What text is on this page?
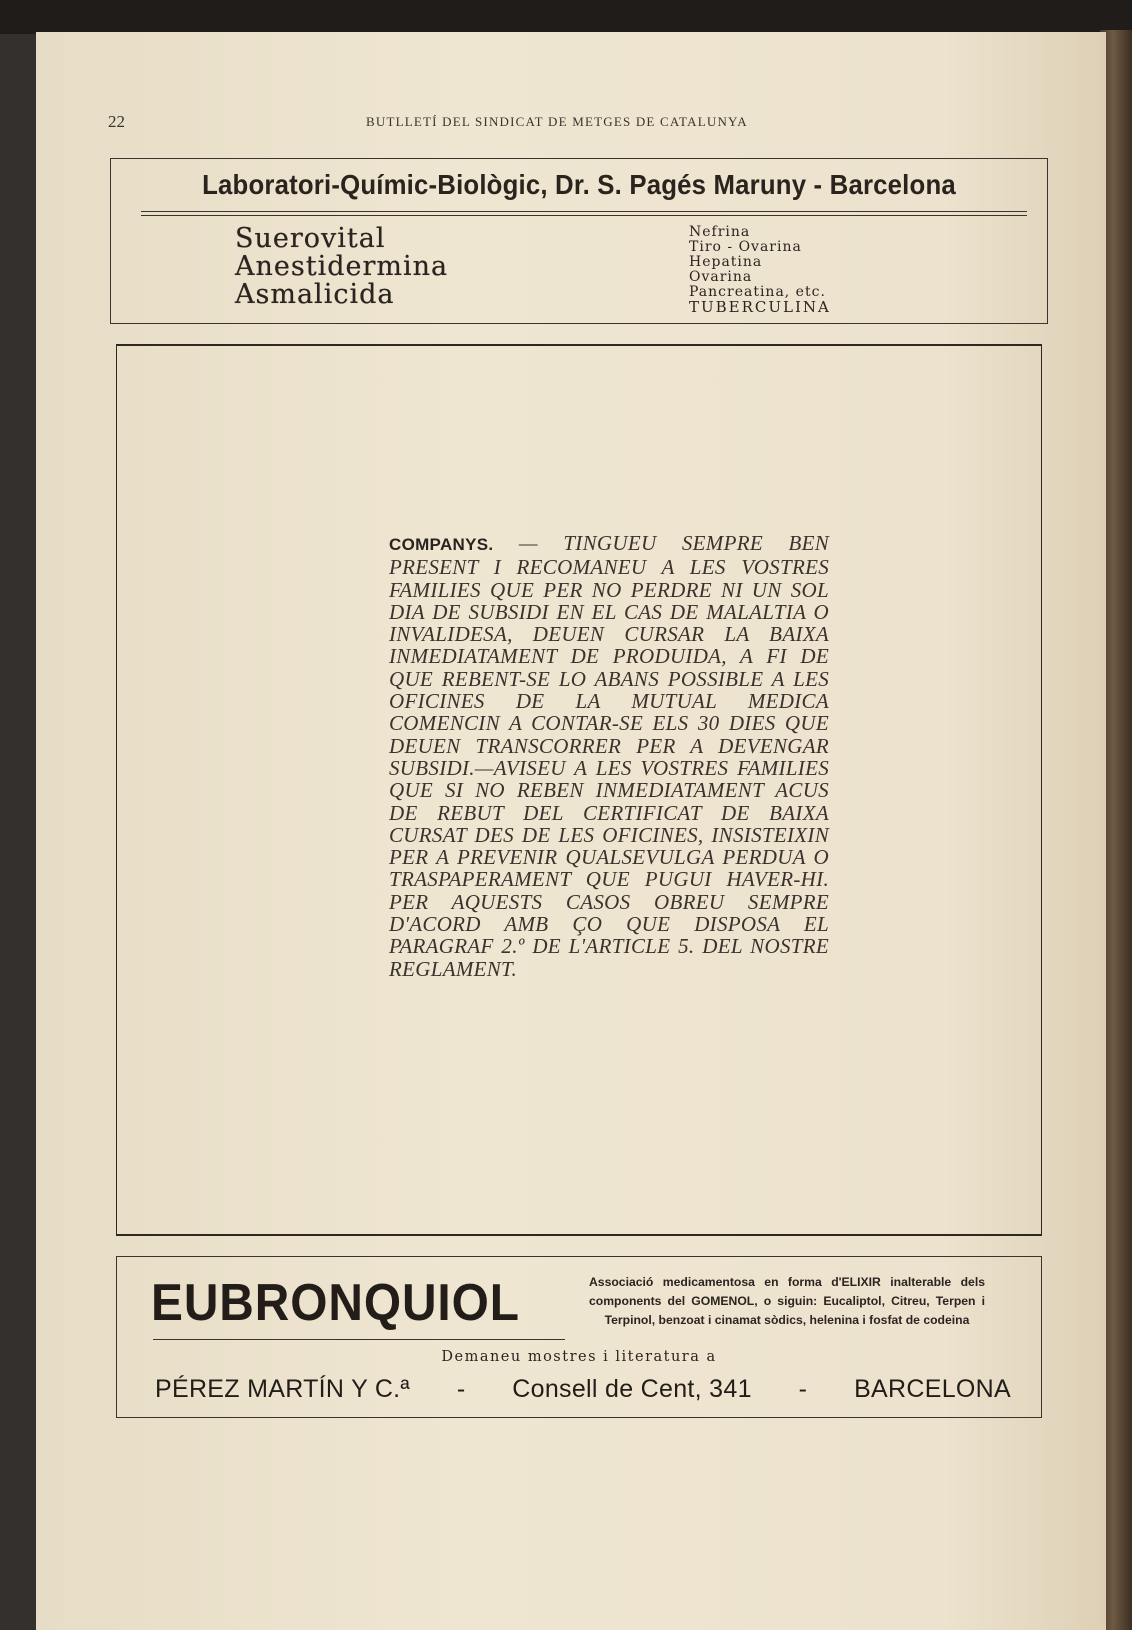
22	BUTLLETÍ DEL SINDICAT DE METGES DE CATALUNYA
Laboratori-Químic-Biològic, Dr. S. Pagés Maruny - Barcelona
Suerovital
Anestidermina
Asmalicida
Nefrina
Tiro - Ovarina
Hepatina
Ovarina
Pancreatina, etc.
TUBERCULINA

COMPANYS. — TINGUEU SEMPRE BEN PRESENT I RECOMANEU A LES VOSTRES FAMILIES QUE PER NO PERDRE NI UN SOL DIA DE SUBSIDI EN EL CAS DE MALALTIA O INVALIDESA, DEUEN CURSAR LA BAIXA INMEDIATAMENT DE PRODUIDA, A FI DE QUE REBENT-SE LO ABANS POSSIBLE A LES OFICINES DE LA MUTUAL MEDICA COMENCIN A CONTAR-SE ELS 30 DIES QUE DEUEN TRANSCORRER PER A DEVENGAR SUBSIDI.—AVISEU A LES VOSTRES FAMILIES QUE SI NO REBEN INMEDIATAMENT ACUS DE REBUT DEL CERTIFICAT DE BAIXA CURSAT DES DE LES OFICINES, INSISTEIXIN PER A PREVENIR QUALSEVULGA PERDUA O TRASPAPERAMENT QUE PUGUI HAVER-HI. PER AQUESTS CASOS OBREU SEMPRE D'ACORD AMB ÇO QUE DISPOSA EL PARAGRAF 2.º DE L'ARTICLE 5. DEL NOSTRE REGLAMENT.

EUBRONQUIOL	Associació medicamentosa en forma d'ELIXIR inalterable dels components del GOMENOL, o siguin: Eucaliptol, Citreu, Terpen i Terpinol, benzoat i cinamat sòdics, helenina i fosfat de codeina

Demaneu mostres i literatura a
PÉREZ MARTÍN Y C.ª - Consell de Cent, 341 - BARCELONA
